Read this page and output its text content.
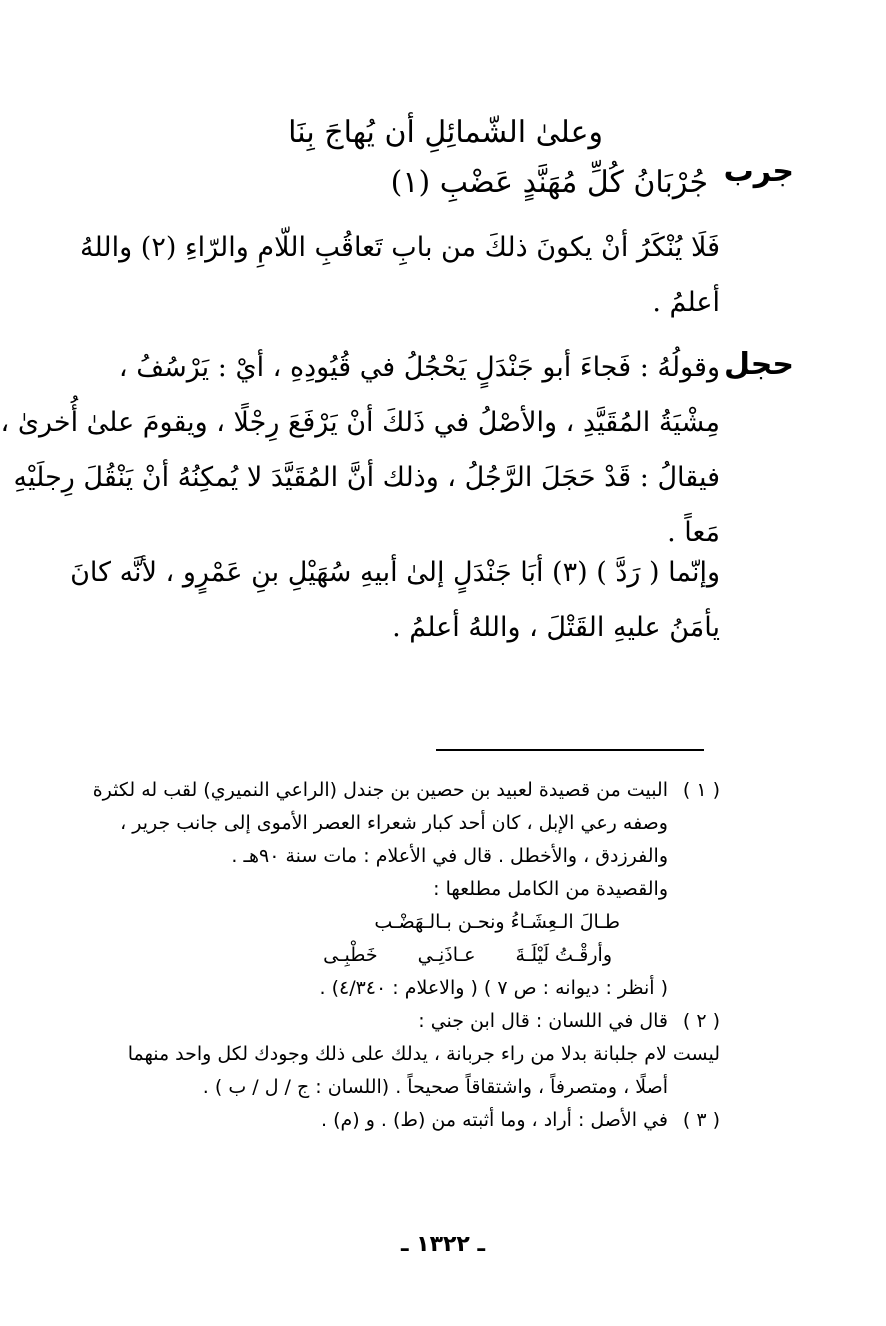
جرب
حجل
وعلىٰ الشّمائِلِ أن يُهاجَ بِنَا
جُرْبَانُ كُلِّ مُهَنَّدٍ عَضْبِ (١)
فَلَا يُنْكَرُ أنْ يكونَ ذلكَ من بابِ تَعاقُبِ اللّامِ والرّاءِ (٢) واللهُ
أعلمُ .
وقولُهُ : فَجاءَ أبو جَنْدَلٍ يَحْجُلُ في قُيُودِهِ ، أيْ : يَرْسُفُ ،
مِشْيَةُ المُقَيَّدِ ، والأصْلُ في ذَلكَ أنْ يَرْفَعَ رِجْلًا ، ويقومَ علىٰ أُخرىٰ ،
فيقالُ : قَدْ حَجَلَ الرَّجُلُ ، وذلك أنَّ المُقَيَّدَ لا يُمكِنُهُ أنْ يَنْقُلَ رِجلَيْهِ
مَعاً .
وإنّما ( رَدَّ ) (٣) أبَا جَنْدَلٍ إلىٰ أبيهِ سُهَيْلِ بنِ عَمْرٍو ، لأنَّه كانَ
يأمَنُ عليهِ القَتْلَ ، واللهُ أعلمُ .
( ١ )البيت من قصيدة لعبيد بن حصين بن جندل (الراعي النميري) لقب له لكثرة
وصفه رعي الإبل ، كان أحد كبار شعراء العصر الأموى إلى جانب جرير ،
والفرزدق ، والأخطل . قال في الأعلام : مات سنة ٩٠هـ .
والقصيدة من الكامل مطلعها :
طـالَ الـعِشَـاءُ ونحـن بـالـهَضْـب
وأرقْـتُ لَيْلَـةَعـاذَنِـيخَطْبِـى
( أنظر : ديوانه : ص ٧ ) ( والاعلام : ٤/٣٤٠) .
( ٢ )قال في اللسان : قال ابن جني :
ليست لام جلبانة بدلا من راء جربانة ، يدلك على ذلك وجودك لكل واحد منهما
أصلًا ، ومتصرفاً ، واشتقاقاً صحيحاً . (اللسان : ج / ل / ب ) .
( ٣ )في الأصل : أراد ، وما أثبته من (ط) . و (م) .
ـ ١٣٢٢ ـ
